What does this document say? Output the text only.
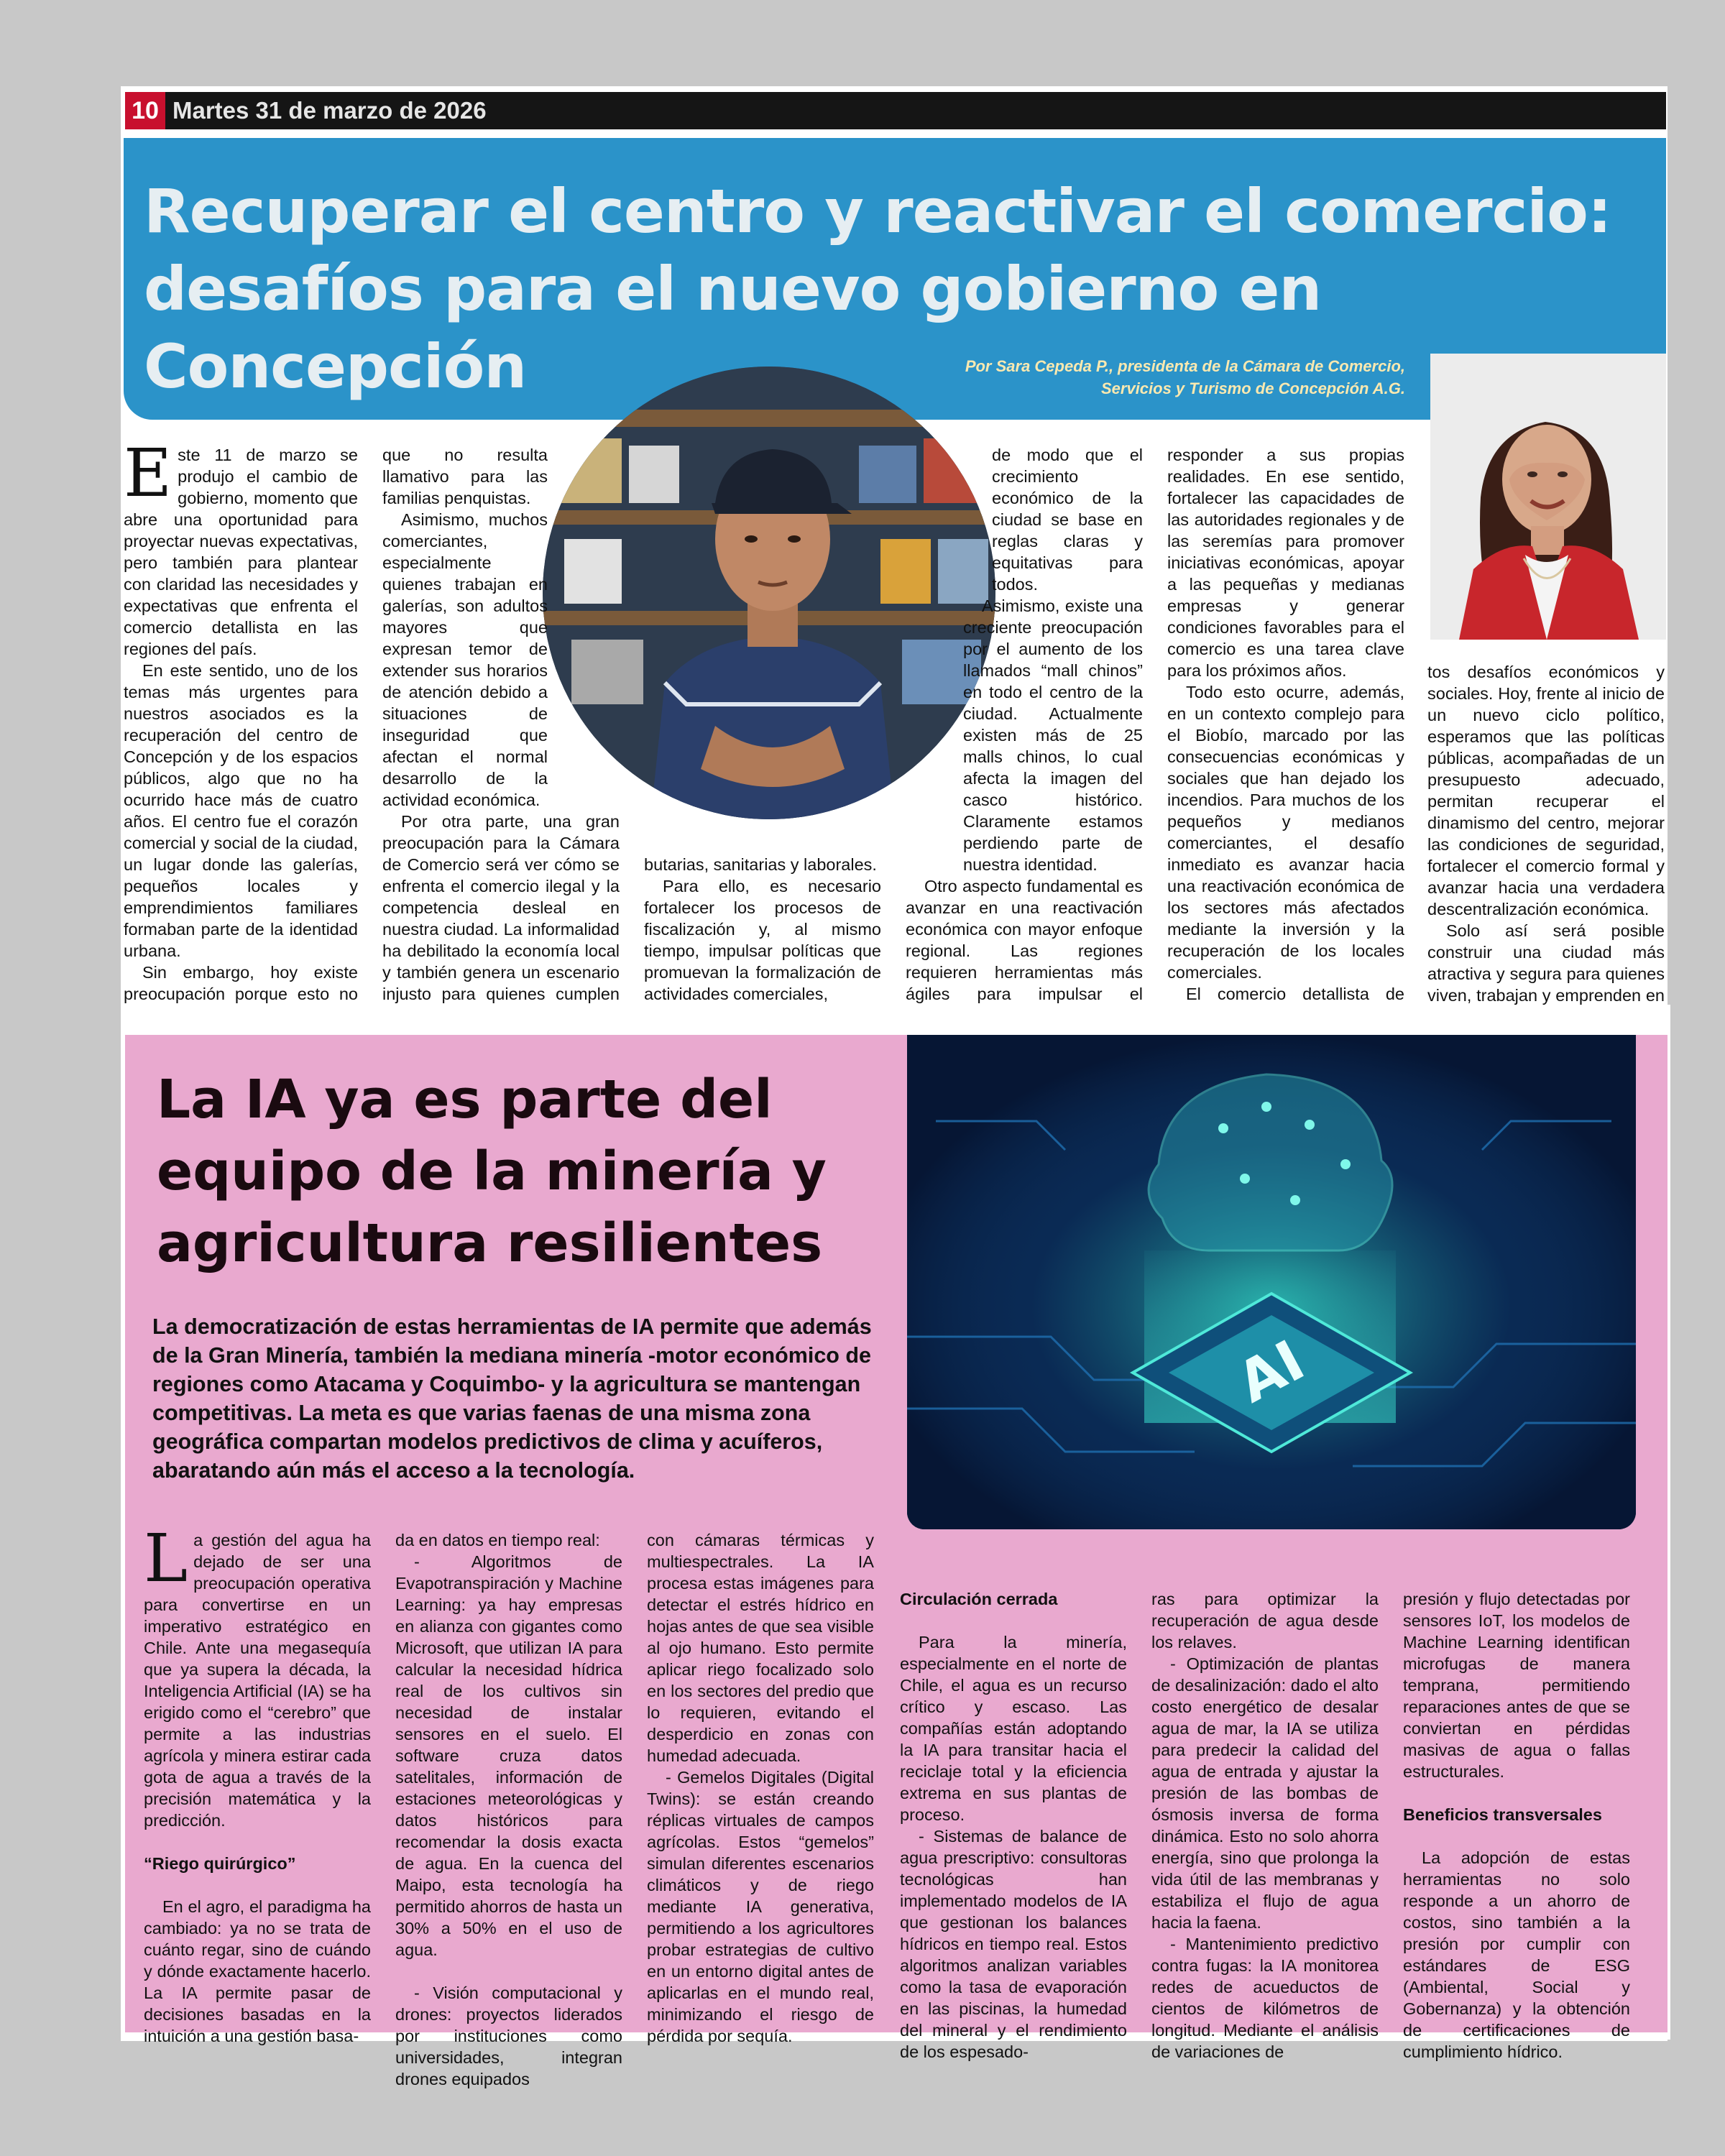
10 Martes 31 de marzo de 2026
Recuperar el centro y reactivar el comercio:
desafíos para el nuevo gobierno en Concepción	Por Sara Cepeda P., presidenta de la Cámara de Comercio,
Servicios y Turismo de Concepción A.G.

Este 11 de marzo se produjo el cambio de gobierno, momento que abre una oportunidad para proyectar nuevas expectativas, pero también para plantear con claridad las necesidades y expectativas que enfrenta el comercio detallista en las regiones del país.

En este sentido, uno de los temas más urgentes para nuestros asociados es la recuperación del centro de Concepción y de los espacios públicos, algo que no ha ocurrido hace más de cuatro años. El centro fue el corazón comercial y social de la ciudad, un lugar donde las galerías, pequeños locales y emprendimientos familiares formaban parte de la identidad urbana.

Sin embargo, hoy existe preocupación porque esto no

que no resulta llamativo para las familias penquistas.

Asimismo, muchos comerciantes, especialmente quienes trabajan en galerías, son adultos mayores que expresan temor de extender sus horarios de atención debido a situaciones de inseguridad que afectan el normal desarrollo de la actividad económica.

Por otra parte, una gran preocupación para la Cámara de Comercio será ver cómo se enfrenta el comercio ilegal y la competencia desleal en nuestra ciudad. La informalidad ha debilitado la economía local y también genera un escenario injusto para quienes cumplen

butarias, sanitarias y laborales.

Para ello, es necesario fortalecer los procesos de fiscalización y, al mismo tiempo, impulsar políticas que promuevan la formalización de actividades comerciales,

de modo que el crecimiento económico de la ciudad se base en reglas claras y equitativas para todos.

Asimismo, existe una creciente preocupación por el aumento de los llamados “mall chinos” en todo el centro de la ciudad. Actualmente existen más de 25 malls chinos, lo cual afecta la imagen del casco histórico. Claramente estamos perdiendo parte de nuestra identidad.

Otro aspecto fundamental es avanzar en una reactivación económica con mayor enfoque regional. Las regiones requieren herramientas más ágiles para impulsar el

responder a sus propias realidades. En ese sentido, fortalecer las capacidades de las autoridades regionales y de las seremías para promover iniciativas económicas, apoyar a las pequeñas y medianas empresas y generar condiciones favorables para el comercio es una tarea clave para los próximos años.

Todo esto ocurre, además, en un contexto complejo para el Biobío, marcado por las consecuencias económicas y sociales que han dejado los incendios. Para muchos de los pequeños y medianos comerciantes, el desafío inmediato es avanzar hacia una reactivación económica de los sectores más afectados mediante la inversión y la recuperación de los locales comerciales.

El comercio detallista de

tos desafíos económicos y sociales. Hoy, frente al inicio de un nuevo ciclo político, esperamos que las políticas públicas, acompañadas de un presupuesto adecuado, permitan recuperar el dinamismo del centro, mejorar las condiciones de seguridad, fortalecer el comercio formal y avanzar hacia una verdadera descentralización económica.

Solo así será posible construir una ciudad más atractiva y segura para quienes viven, trabajan y emprenden en

AI
La IA ya es parte del
equipo de la minería y
agricultura resilientes

La democratización de estas herramientas de IA permite que además de la Gran Minería, también la mediana minería -motor económico de regiones como Atacama y Coquimbo- y la agricultura se mantengan competitivas. La meta es que varias faenas de una misma zona geográfica compartan modelos predictivos de clima y acuíferos, abaratando aún más el acceso a la tecnología.

La gestión del agua ha dejado de ser una preocupación operativa para convertirse en un imperativo estratégico en Chile. Ante una megasequía que ya supera la década, la Inteligencia Artificial (IA) se ha erigido como el “cerebro” que permite a las industrias agrícola y minera estirar cada gota de agua a través de la precisión matemática y la predicción.

“Riego quirúrgico”

En el agro, el paradigma ha cambiado: ya no se trata de cuánto regar, sino de cuándo y dónde exactamente hacerlo. La IA permite pasar de decisiones basadas en la intuición a una gestión basa-

da en datos en tiempo real:

- Algoritmos de Evapotranspiración y Machine Learning: ya hay empresas en alianza con gigantes como Microsoft, que utilizan IA para calcular la necesidad hídrica real de los cultivos sin necesidad de instalar sensores en el suelo. El software cruza datos satelitales, información de estaciones meteorológicas y datos históricos para recomendar la dosis exacta de agua. En la cuenca del Maipo, esta tecnología ha permitido ahorros de hasta un 30% a 50% en el uso de agua.

- Visión computacional y drones: proyectos liderados por instituciones como universidades, integran drones equipados

con cámaras térmicas y multiespectrales. La IA procesa estas imágenes para detectar el estrés hídrico en hojas antes de que sea visible al ojo humano. Esto permite aplicar riego focalizado solo en los sectores del predio que lo requieren, evitando el desperdicio en zonas con humedad adecuada.

- Gemelos Digitales (Digital Twins): se están creando réplicas virtuales de campos agrícolas. Estos “gemelos” simulan diferentes escenarios climáticos y de riego mediante IA generativa, permitiendo a los agricultores probar estrategias de cultivo en un entorno digital antes de aplicarlas en el mundo real, minimizando el riesgo de pérdida por sequía.

Circulación cerrada

Para la minería, especialmente en el norte de Chile, el agua es un recurso crítico y escaso. Las compañías están adoptando la IA para transitar hacia el reciclaje total y la eficiencia extrema en sus plantas de proceso.

- Sistemas de balance de agua prescriptivo: consultoras tecnológicas han implementado modelos de IA que gestionan los balances hídricos en tiempo real. Estos algoritmos analizan variables como la tasa de evaporación en las piscinas, la humedad del mineral y el rendimiento de los espesado-

ras para optimizar la recuperación de agua desde los relaves.

- Optimización de plantas de desalinización: dado el alto costo energético de desalar agua de mar, la IA se utiliza para predecir la calidad del agua de entrada y ajustar la presión de las bombas de ósmosis inversa de forma dinámica. Esto no solo ahorra energía, sino que prolonga la vida útil de las membranas y estabiliza el flujo de agua hacia la faena.

- Mantenimiento predictivo contra fugas: la IA monitorea redes de acueductos de cientos de kilómetros de longitud. Mediante el análisis de variaciones de

presión y flujo detectadas por sensores IoT, los modelos de Machine Learning identifican microfugas de manera temprana, permitiendo reparaciones antes de que se conviertan en pérdidas masivas de agua o fallas estructurales.

Beneficios transversales

La adopción de estas herramientas no solo responde a un ahorro de costos, sino también a la presión por cumplir con estándares de ESG (Ambiental, Social y Gobernanza) y la obtención de certificaciones de cumplimiento hídrico.
